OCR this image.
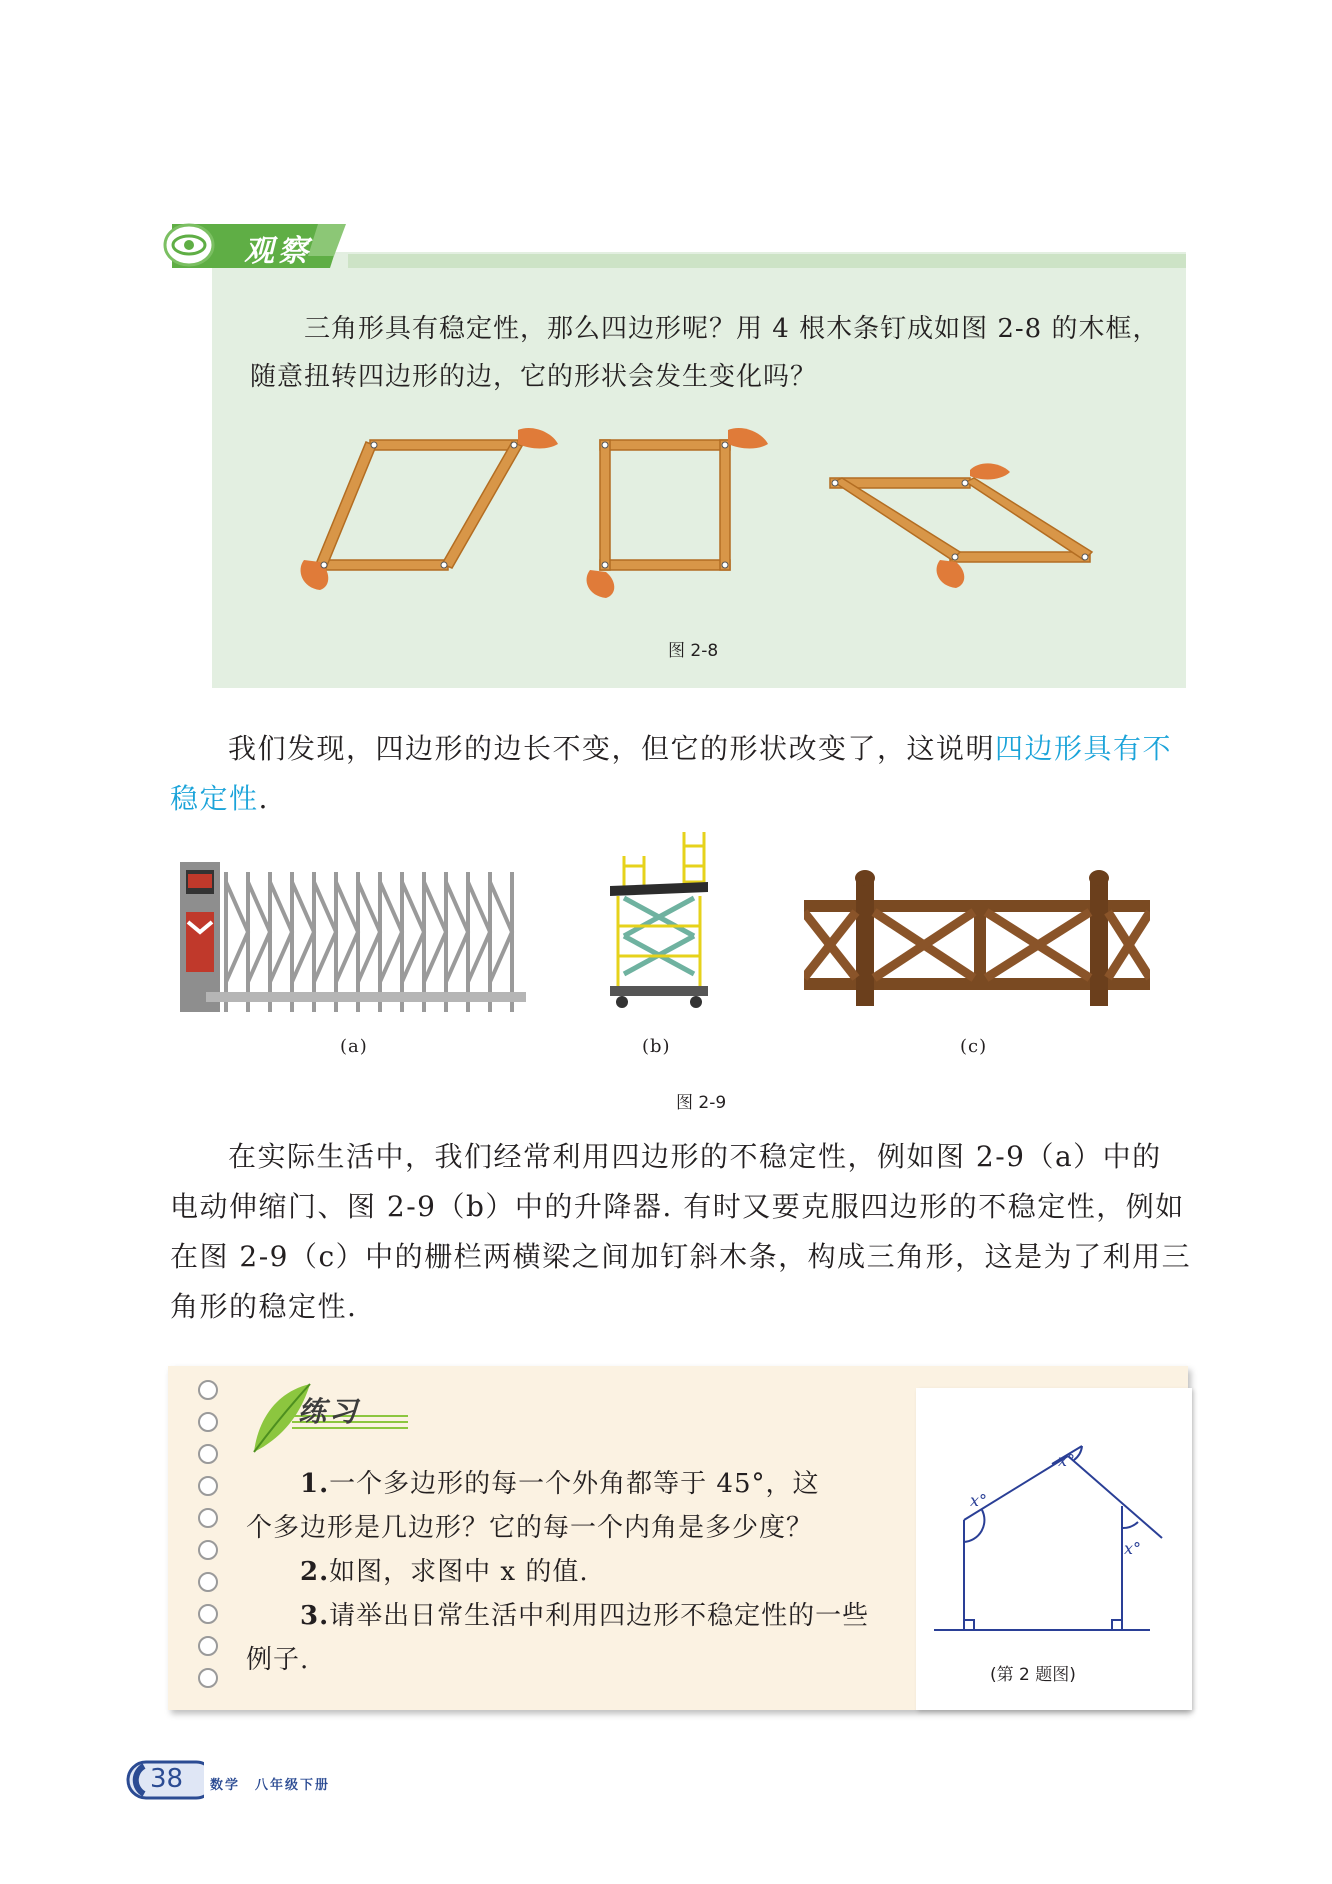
观察
三角形具有稳定性，那么四边形呢？用 4 根木条钉成如图 2-8 的木框，
随意扭转四边形的边，它的形状会发生变化吗？
图 2-8
我们发现，四边形的边长不变，但它的形状改变了，这说明四边形具有不
稳定性.
(a)	(b)	(c)
图 2-9
在实际生活中，我们经常利用四边形的不稳定性，例如图 2-9（a）中的
电动伸缩门、图 2-9（b）中的升降器. 有时又要克服四边形的不稳定性，例如
在图 2-9（c）中的栅栏两横梁之间加钉斜木条，构成三角形，这是为了利用三
角形的稳定性.
练习
1.一个多边形的每一个外角都等于 45°，这
个多边形是几边形？它的每一个内角是多少度？
2.如图，求图中 x 的值.
3.请举出日常生活中利用四边形不稳定性的一些
例子.
x°
x°
x°
(第 2 题图)
38 数学　八年级下册
